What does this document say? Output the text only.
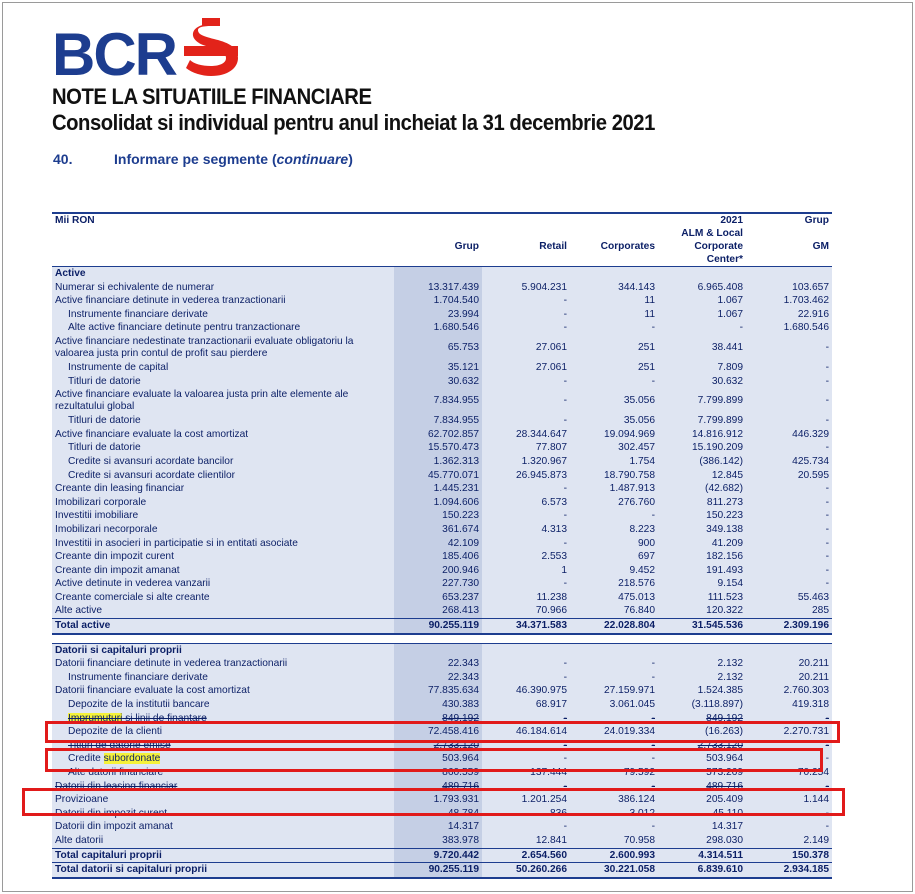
BCR
NOTE LA SITUATIILE FINANCIARE
Consolidat si individual pentru anul incheiat la 31 decembrie 2021
40.	Informare pe segmente (continuare)
Mii RON				2021	Grup
				ALM & Local	
	Grup	Retail	Corporates	Corporate	GM
				Center*	
Active					
Numerar si echivalente de numerar	13.317.439	5.904.231	344.143	6.965.408	103.657
Active financiare detinute in vederea tranzactionarii	1.704.540	-	11	1.067	1.703.462
Instrumente financiare derivate	23.994	-	11	1.067	22.916
Alte active financiare detinute pentru tranzactionare	1.680.546	-	-	-	1.680.546
Active financiare nedestinate tranzactionarii evaluate obligatoriu la valoarea justa prin contul de profit sau pierdere	65.753	27.061	251	38.441	-
Instrumente de capital	35.121	27.061	251	7.809	-
Titluri de datorie	30.632	-	-	30.632	-
Active financiare evaluate la valoarea justa prin alte elemente ale rezultatului global	7.834.955	-	35.056	7.799.899	-
Titluri de datorie	7.834.955	-	35.056	7.799.899	-
Active financiare evaluate la cost amortizat	62.702.857	28.344.647	19.094.969	14.816.912	446.329
Titluri de datorie	15.570.473	77.807	302.457	15.190.209	-
Credite si avansuri acordate bancilor	1.362.313	1.320.967	1.754	(386.142)	425.734
Credite si avansuri acordate clientilor	45.770.071	26.945.873	18.790.758	12.845	20.595
Creante din leasing financiar	1.445.231	-	1.487.913	(42.682)	-
Imobilizari corporale	1.094.606	6.573	276.760	811.273	-
Investitii imobiliare	150.223	-	-	150.223	-
Imobilizari necorporale	361.674	4.313	8.223	349.138	-
Investitii in asocieri in participatie si in entitati asociate	42.109	-	900	41.209	-
Creante din impozit curent	185.406	2.553	697	182.156	-
Creante din impozit amanat	200.946	1	9.452	191.493	-
Active detinute in vederea vanzarii	227.730	-	218.576	9.154	-
Creante comerciale si alte creante	653.237	11.238	475.013	111.523	55.463
Alte active	268.413	70.966	76.840	120.322	285
Total active	90.255.119	34.371.583	22.028.804	31.545.536	2.309.196

Datorii si capitaluri proprii					
Datorii financiare detinute in vederea tranzactionarii	22.343	-	-	2.132	20.211
Instrumente financiare derivate	22.343	-	-	2.132	20.211
Datorii financiare evaluate la cost amortizat	77.835.634	46.390.975	27.159.971	1.524.385	2.760.303
Depozite de la institutii bancare	430.383	68.917	3.061.045	(3.118.897)	419.318
Imprumuturi si linii de finantare	849.192	-	-	849.192	-
Depozite de la clienti	72.458.416	46.184.614	24.019.334	(16.263)	2.270.731
Titluri de datorie emise	2.733.120	-	-	2.733.120	-
Credite subordonate	503.964	-	-	503.964	-
Alte datorii financiare	860.559	137.444	79.592	573.269	70.254
Datorii din leasing financiar	489.716	-	-	489.716	-
Provizioane	1.793.931	1.201.254	386.124	205.409	1.144
Datorii din impozit curent	48.784	836	3.012	45.110	-
Datorii din impozit amanat	14.317	-	-	14.317	-
Alte datorii	383.978	12.841	70.958	298.030	2.149
Total capitaluri proprii	9.720.442	2.654.560	2.600.993	4.314.511	150.378
Total datorii si capitaluri proprii	90.255.119	50.260.266	30.221.058	6.839.610	2.934.185
